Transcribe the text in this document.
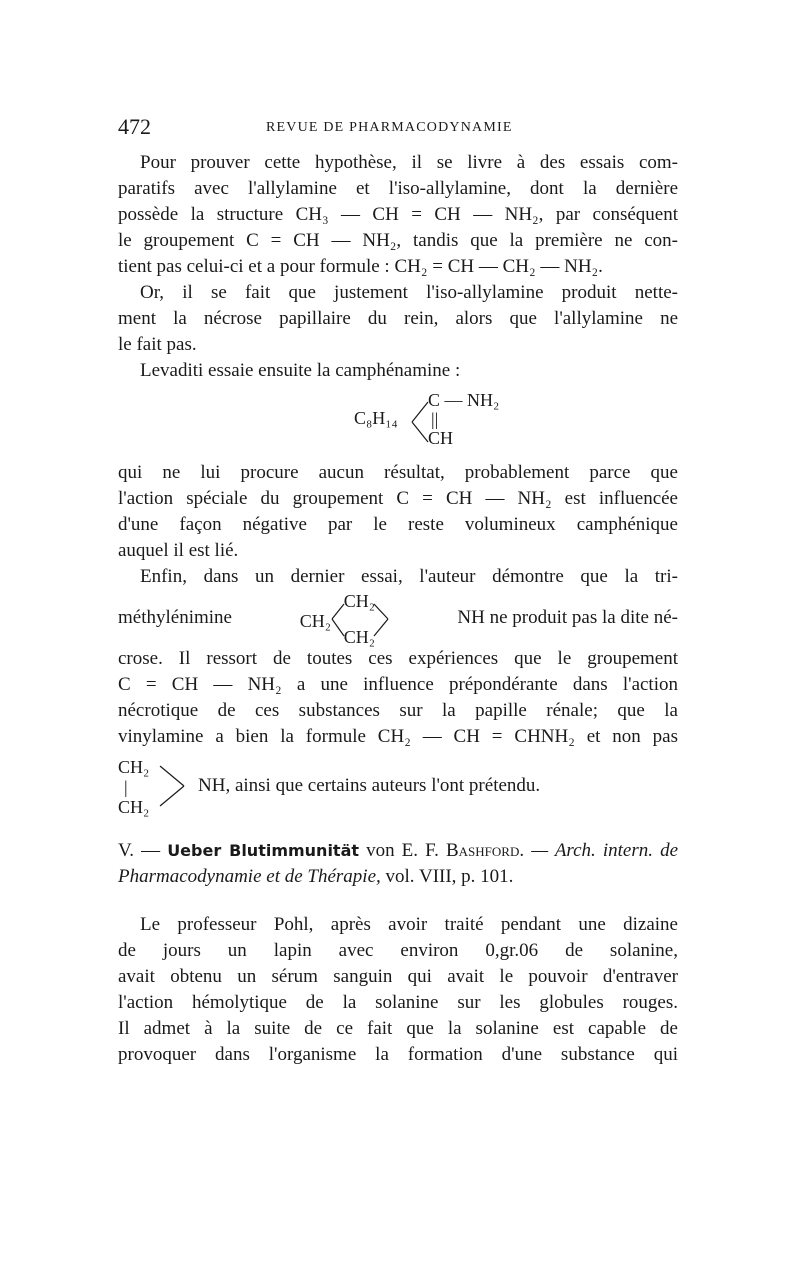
472	REVUE DE PHARMACODYNAMIE

Pour prouver cette hypothèse, il se livre à des essais com-
paratifs avec l'allylamine et l'iso-allylamine, dont la dernière
possède la structure CH₃ — CH = CH — NH₂, par conséquent
le groupement C = CH — NH₂, tandis que la première ne con-
tient pas celui-ci et a pour formule : CH₂ = CH — CH₂ — NH₂.

Or, il se fait que justement l'iso-allylamine produit nette-
ment la nécrose papillaire du rein, alors que l'allylamine ne
le fait pas.

Levaditi essaie ensuite la camphénamine :

C₈H₁₄
C — NH₂
||
CH

qui ne lui procure aucun résultat, probablement parce que
l'action spéciale du groupement C = CH — NH₂ est influencée
d'une façon négative par le reste volumineux camphénique
auquel il est lié.

Enfin, dans un dernier essai, l'auteur démontre que la tri-
méthylénimine	CH₂
CH₂
CH₂
NH ne produit pas la dite né-
crose. Il ressort de toutes ces expériences que le groupement
C = CH — NH₂ a une influence prépondérante dans l'action
nécrotique de ces substances sur la papille rénale; que la
vinylamine a bien la formule CH₂ — CH = CHNH₂ et non pas
CH₂
|
CH₂
NH, ainsi que certains auteurs l'ont prétendu.

V. — Ueber Blutimmunität von E. F. Bashford. — Arch. intern. de Pharmacodynamie et de Thérapie, vol. VIII, p. 101.

Le professeur Pohl, après avoir traité pendant une dizaine
de jours un lapin avec environ 0,gr.06 de solanine,
avait obtenu un sérum sanguin qui avait le pouvoir d'entraver
l'action hémolytique de la solanine sur les globules rouges.
Il admet à la suite de ce fait que la solanine est capable de
provoquer dans l'organisme la formation d'une substance qui
